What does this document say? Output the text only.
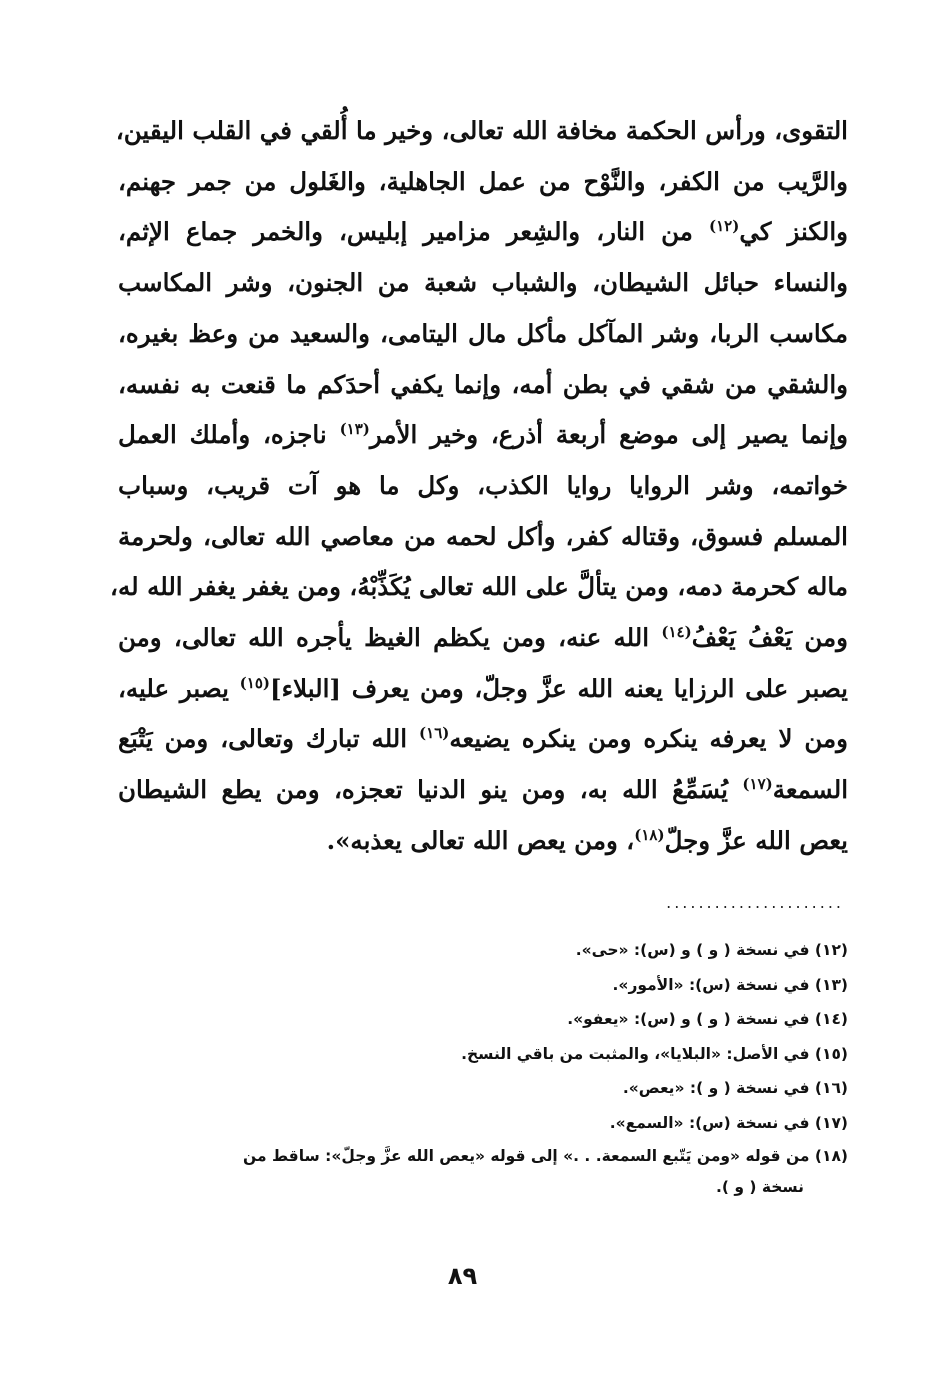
التقوى، ورأس الحكمة مخافة الله تعالى، وخير ما أُلقي في القلب اليقين،
والرَّيب من الكفر، والنَّوْح من عمل الجاهلية، والغَلول من جمر جهنم،
والكنز كي$^{(١٢)}$ من النار، والشِعر مزامير إبليس، والخمر جماع الإثم،
والنساء حبائل الشيطان، والشباب شعبة من الجنون، وشر المكاسب
مكاسب الربا، وشر المآكل مأكل مال اليتامى، والسعيد من وعظ بغيره،
والشقي من شقي في بطن أمه، وإنما يكفي أحدَكم ما قنعت به نفسه،
وإنما يصير إلى موضع أربعة أذرع، وخير الأمر$^{(١٣)}$ ناجزه، وأملك العمل
خواتمه، وشر الروايا روايا الكذب، وكل ما هو آت قريب، وسباب
المسلم فسوق، وقتاله كفر، وأكل لحمه من معاصي الله تعالى، ولحرمة
ماله كحرمة دمه، ومن يتألَّ على الله تعالى يُكَذِّبْهُ، ومن يغفر يغفر الله له،
ومن يَعْفُ يَعْفُ$^{(١٤)}$ الله عنه، ومن يكظم الغيظ يأجره الله تعالى، ومن
يصبر على الرزايا يعنه الله عزَّ وجلّ، ومن يعرف [البلاء]$^{(١٥)}$ يصبر عليه،
ومن لا يعرفه ينكره ومن ينكره يضيعه$^{(١٦)}$ الله تبارك وتعالى، ومن يَتْبَع
السمعة$^{(١٧)}$ يُسَمِّعُ الله به، ومن ينو الدنيا تعجزه، ومن يطع الشيطان
يعص الله عزَّ وجلّ$^{(١٨)}$، ومن يعص الله تعالى يعذبه».
......................
(١٢) في نسخة ( و ) و (س): «حى».
(١٣) في نسخة (س): «الأمور».
(١٤) في نسخة ( و ) و (س): «يعفو».
(١٥) في الأصل: «البلايا»، والمثبت من باقي النسخ.
(١٦) في نسخة ( و ): «يعص».
(١٧) في نسخة (س): «السمع».
(١٨) من قوله «ومن يَتّبع السمعة. . .» إلى قوله «يعص الله عزَّ وجلّ»: ساقط من
نسخة ( و ).
٨٩
